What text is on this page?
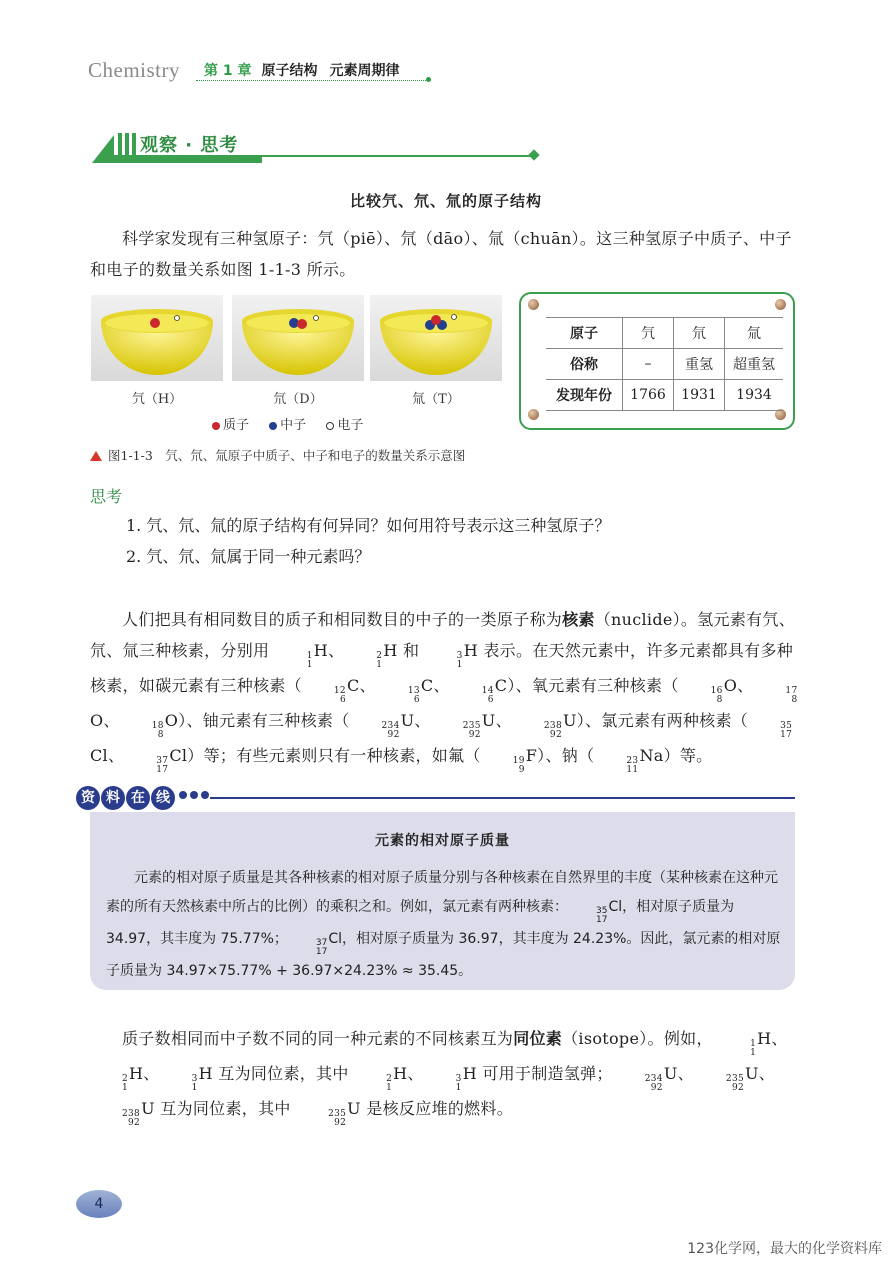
Chemistry 第 1 章 原子结构 元素周期律
观察 · 思考
比较氕、氘、氚的原子结构
科学家发现有三种氢原子：氕（piē）、氘（dāo）、氚（chuān）。这三种氢原子中质子、中子和电子的数量关系如图 1-1-3 所示。
氕（H）	氘（D）	氚（T）
质子 中子 电子
图1-1-3　氕、氘、氚原子中质子、中子和电子的数量关系示意图
原子	氕	氘	氚
俗称	–	重氢	超重氢
发现年份	1766	1931	1934
思考
1. 氕、氘、氚的原子结构有何异同？如何用符号表示这三种氢原子？
2. 氕、氘、氚属于同一种元素吗？
人们把具有相同数目的质子和相同数目的中子的一类原子称为核素（nuclide）。氢元素有氕、氘、氚三种核素，分别用	1
1
H、	2
1
H 和	3
1
H 表示。在天然元素中，许多元素都具有多种核素，如碳元素有三种核素（	12
6
C、	13
6
C、	14
6
C）、氧元素有三种核素（	16
8
O、	17
8
O、	18
8
O）、铀元素有三种核素（	234
92
U、	235
92
U、	238
92
U）、氯元素有两种核素（	35
17
Cl、	37
17
Cl）等；有些元素则只有一种核素，如氟（	19
9
F）、钠（	23
11
Na）等。
资 料 在 线
元素的相对原子质量
元素的相对原子质量是其各种核素的相对原子质量分别与各种核素在自然界里的丰度（某种核素在这种元素的所有天然核素中所占的比例）的乘积之和。例如，氯元素有两种核素：	35
17
Cl，相对原子质量为 34.97，其丰度为 75.77%；	37
17
Cl，相对原子质量为 36.97，其丰度为 24.23%。因此，氯元素的相对原子质量为 34.97×75.77% + 36.97×24.23% ≈ 35.45。
质子数相同而中子数不同的同一种元素的不同核素互为同位素（isotope）。例如，	1
1
H、
2
1
H、	3
1
H 互为同位素，其中	2
1
H、	3
1
H 可用于制造氢弹；	234
92
U、	235
92
U、
238
92
U 互为同位素，其中	235
92
U 是核反应堆的燃料。
4
123化学网，最大的化学资料库
